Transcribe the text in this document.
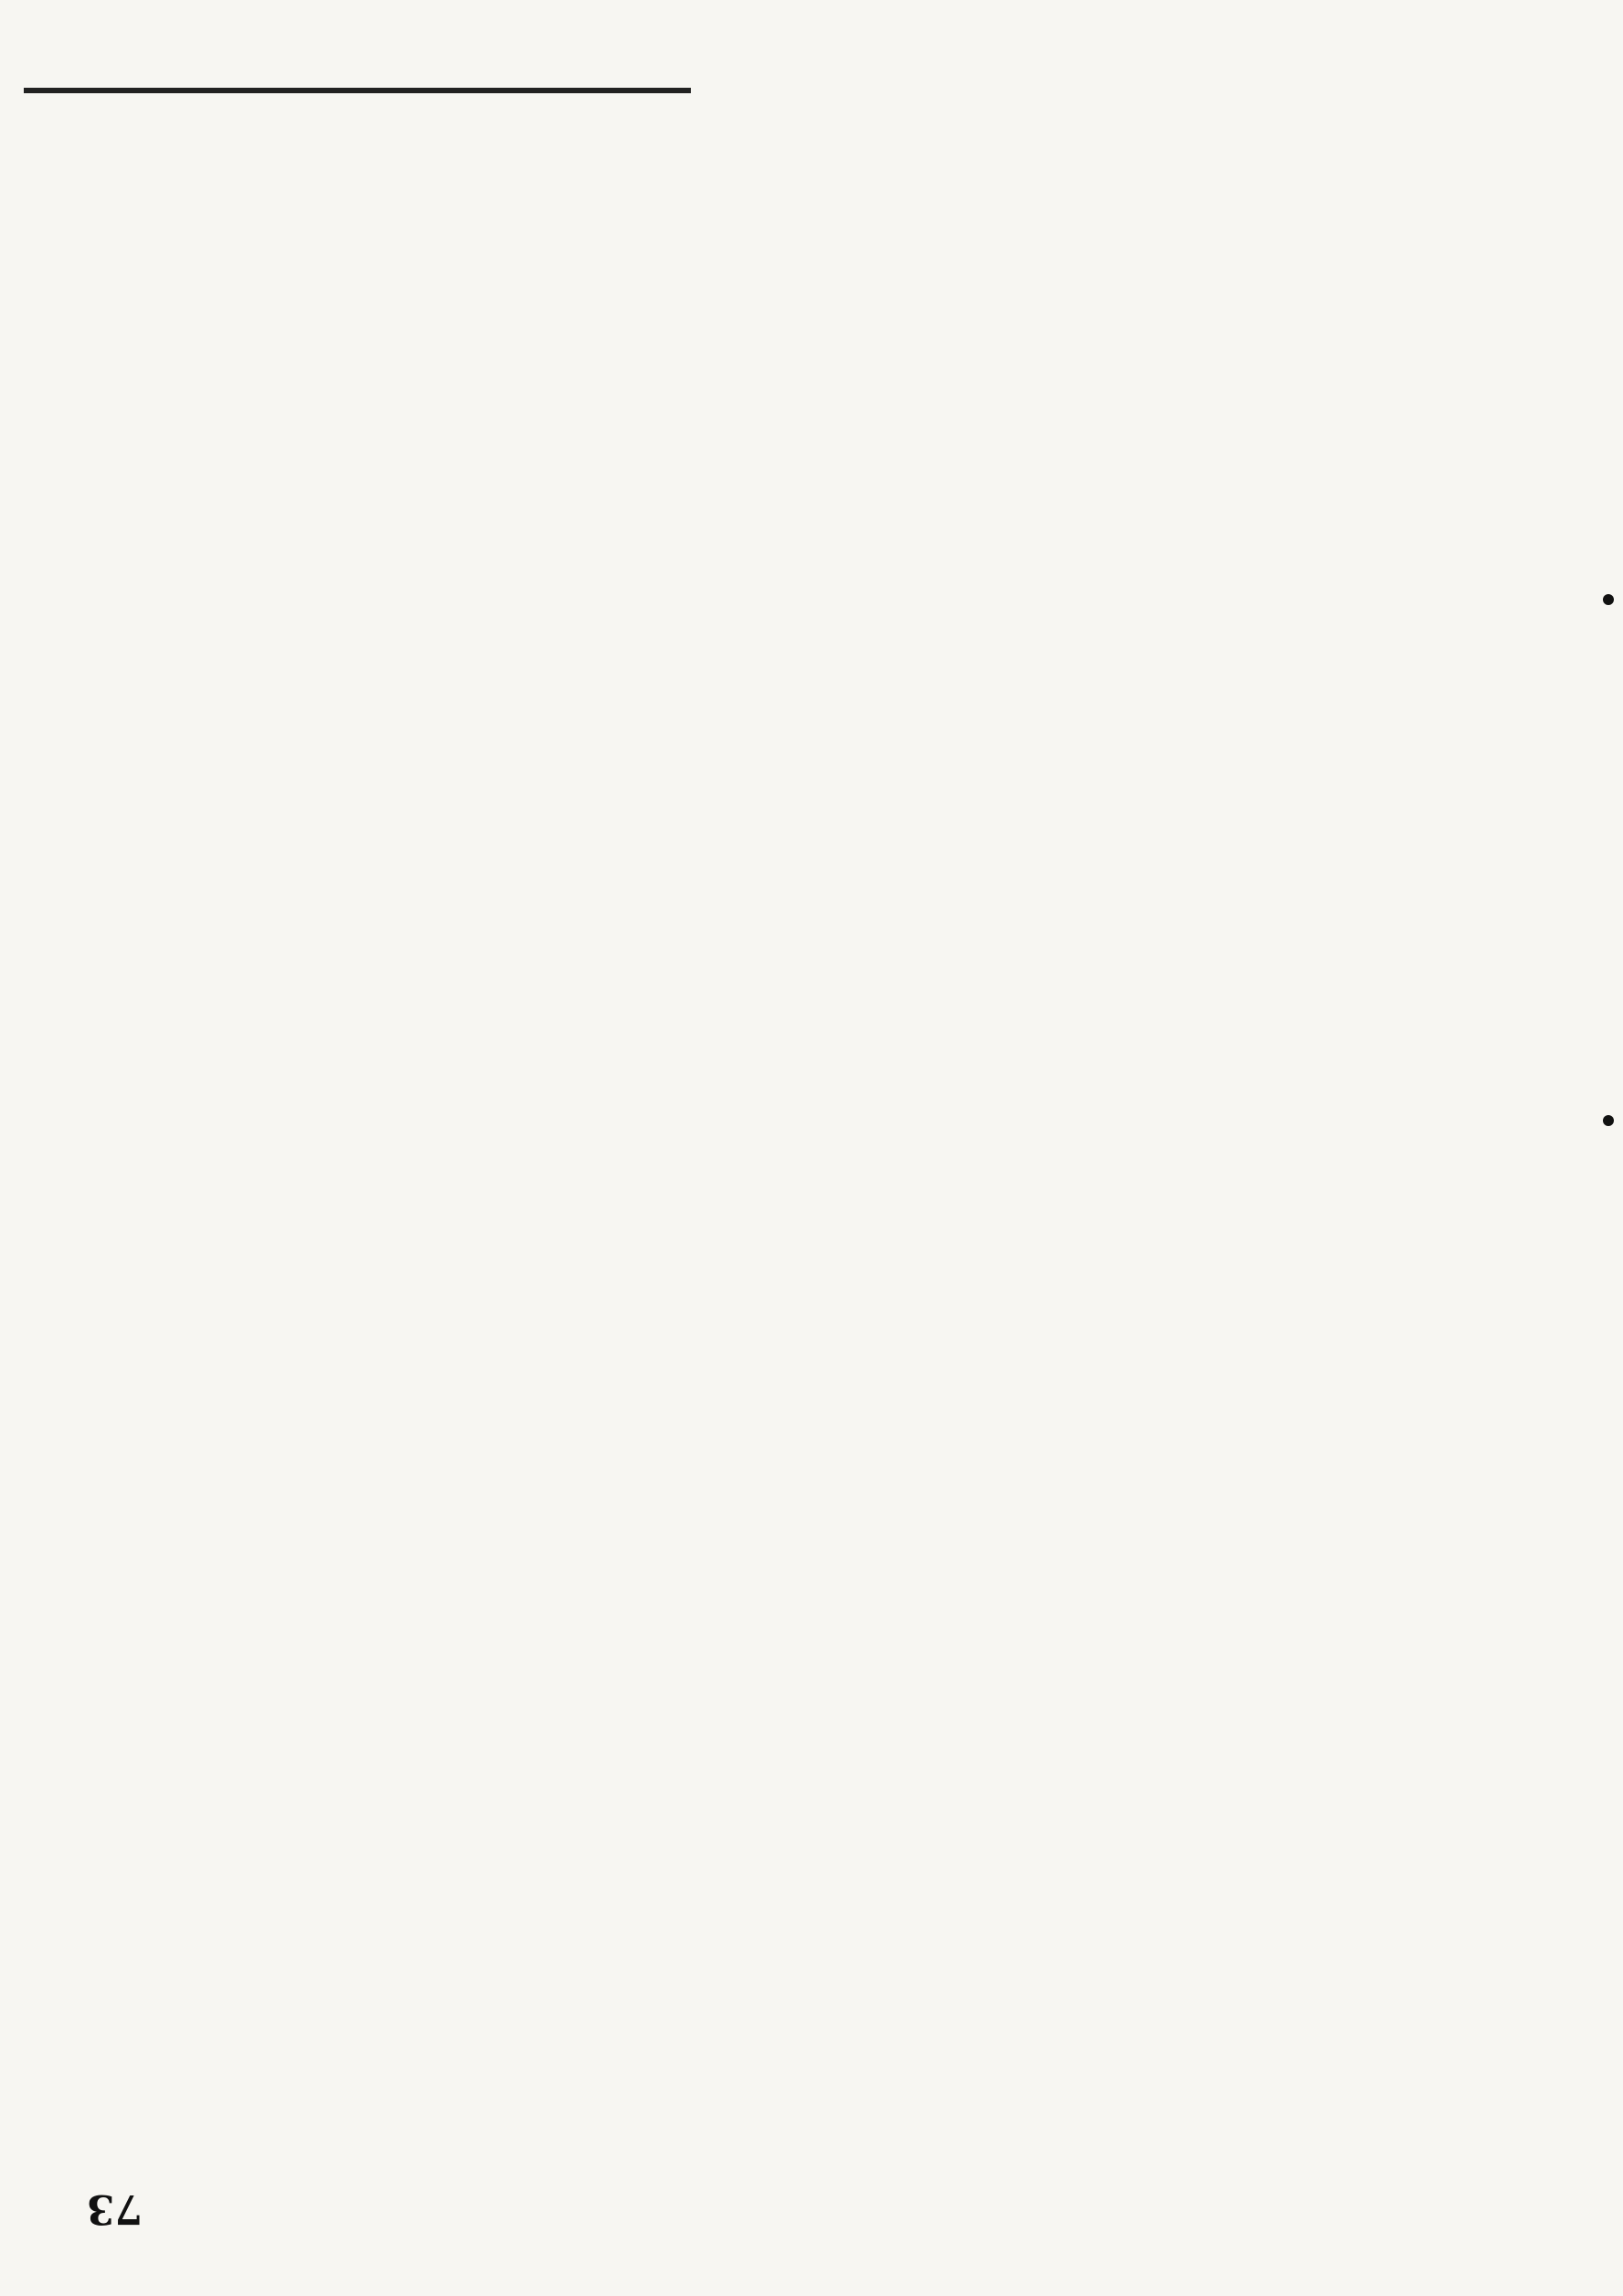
73
